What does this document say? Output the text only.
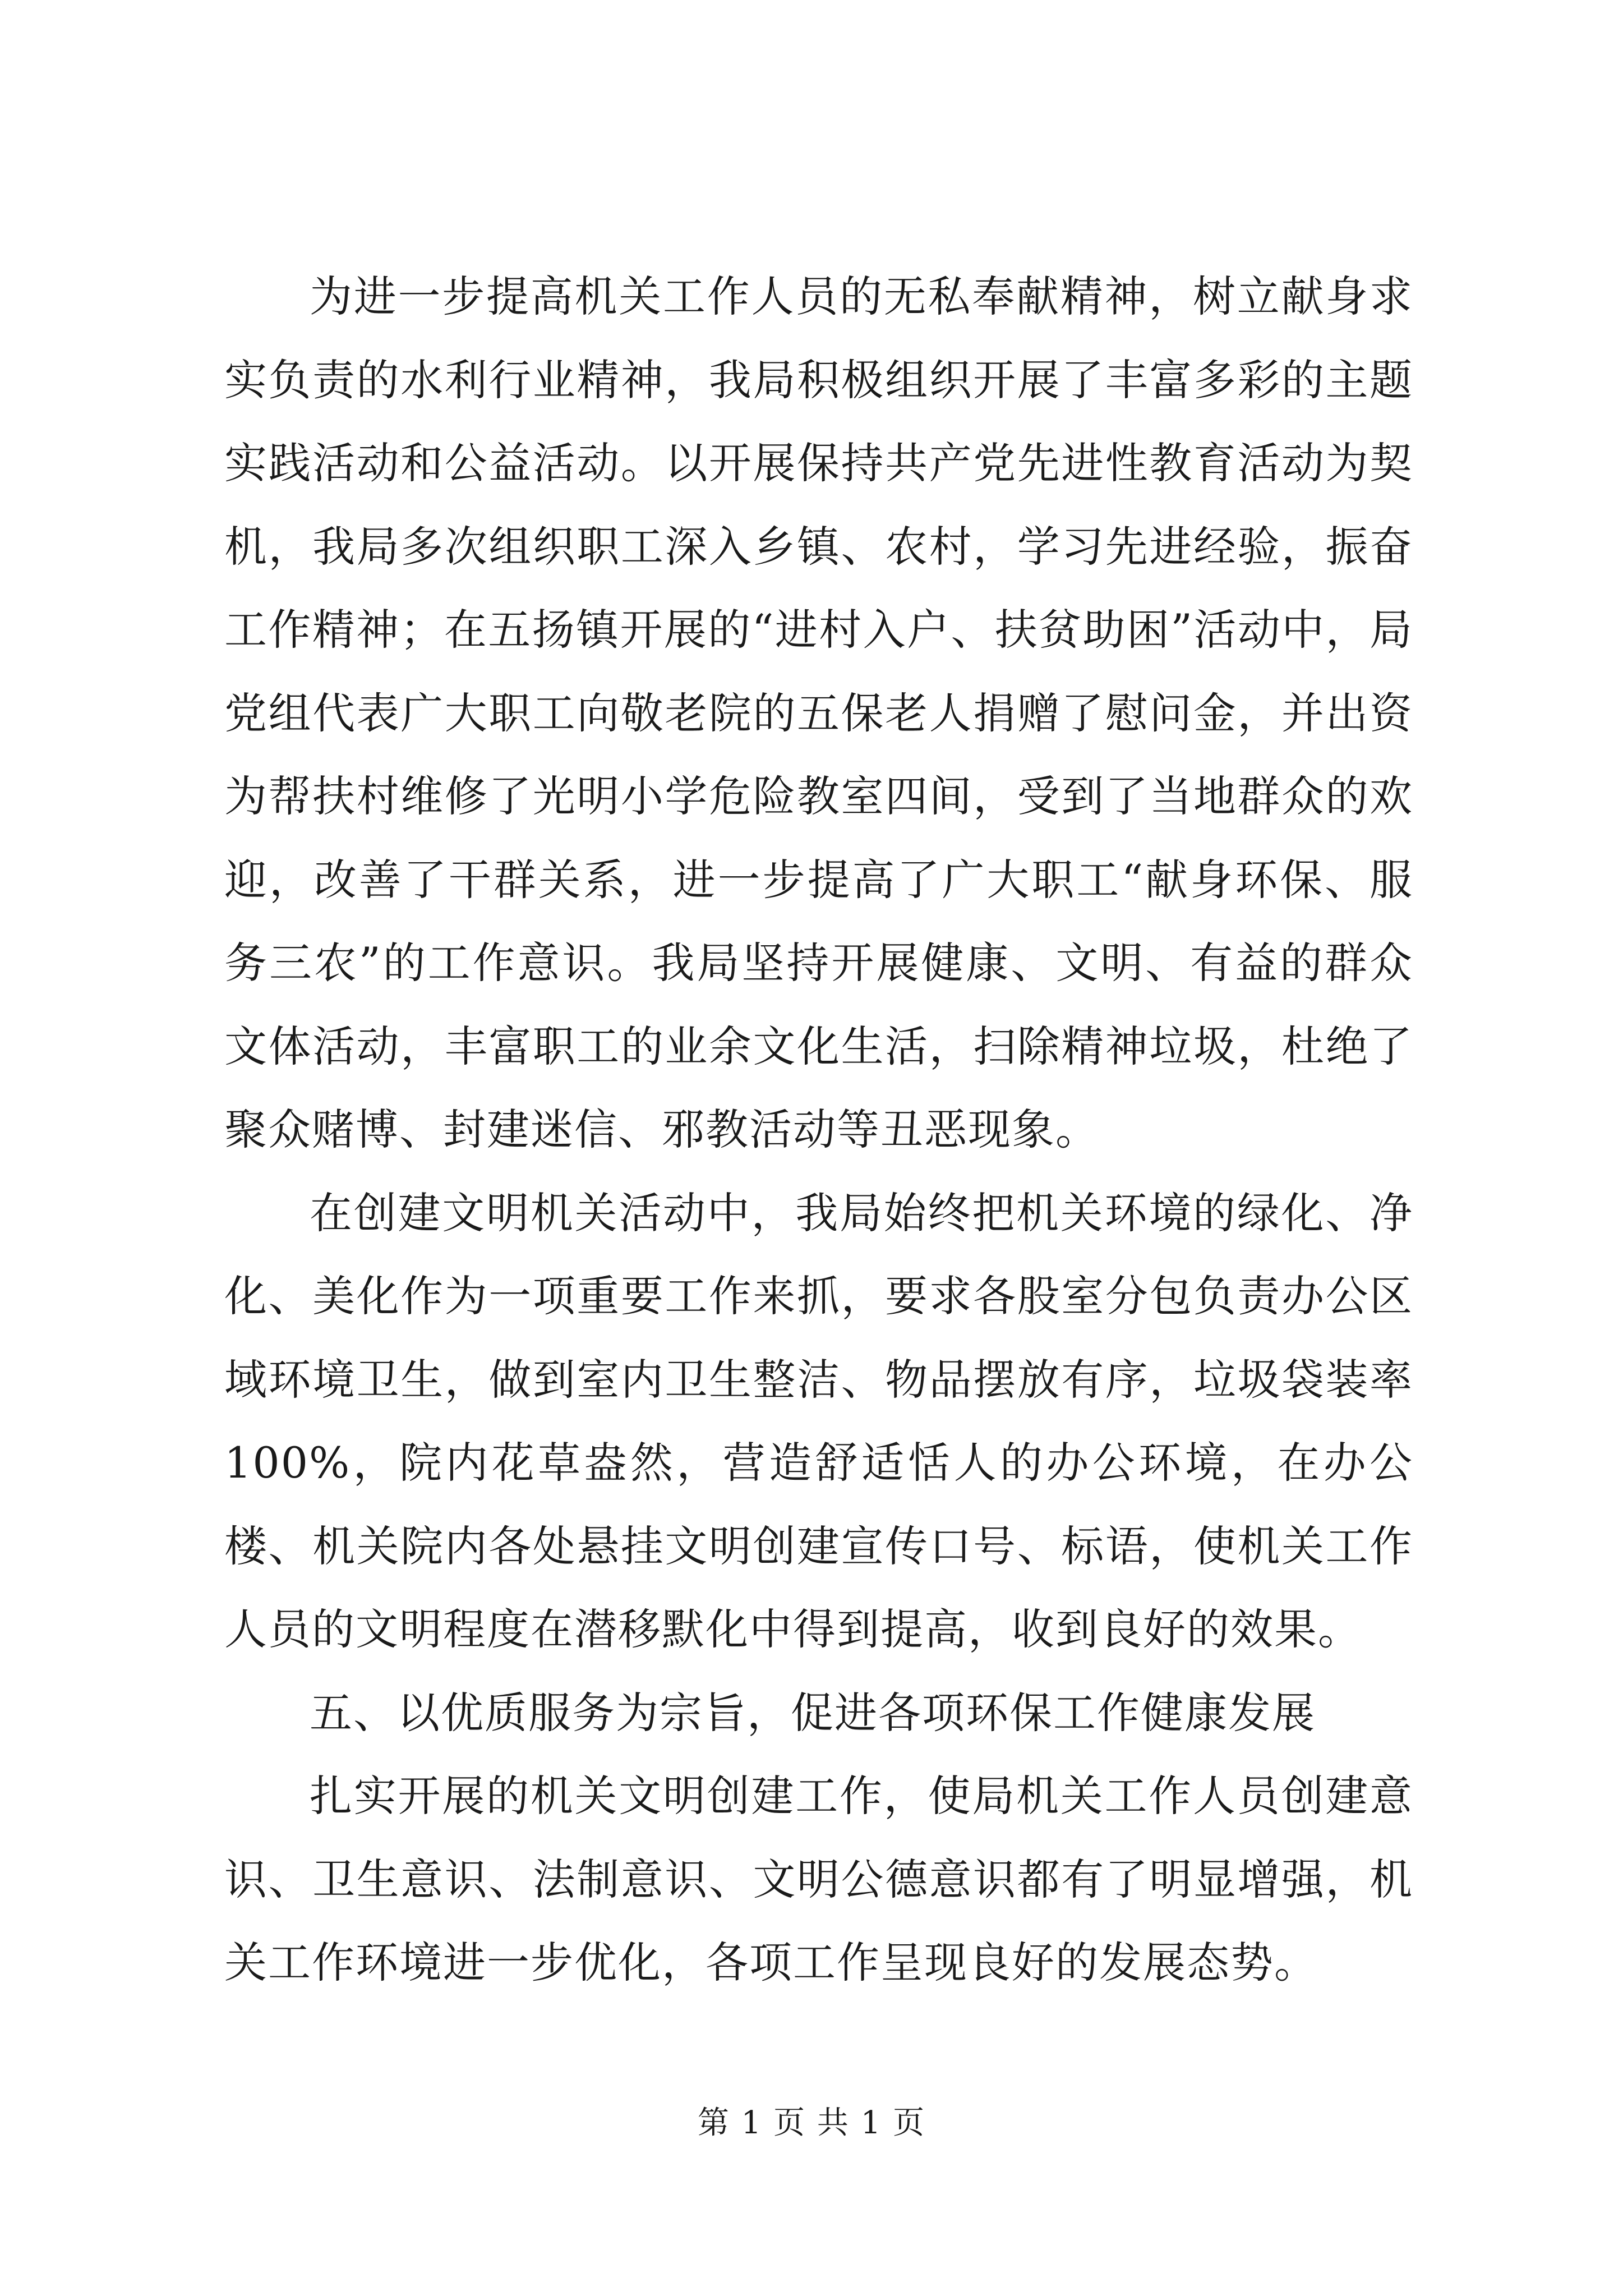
为进一步提高机关工作人员的无私奉献精神，树立献身求实负责的水利行业精神，我局积极组织开展了丰富多彩的主题实践活动和公益活动。以开展保持共产党先进性教育活动为契机，我局多次组织职工深入乡镇、农村，学习先进经验，振奋工作精神；在五扬镇开展的“进村入户、扶贫助困”活动中，局党组代表广大职工向敬老院的五保老人捐赠了慰问金，并出资为帮扶村维修了光明小学危险教室四间，受到了当地群众的欢迎，改善了干群关系，进一步提高了广大职工“献身环保、服务三农”的工作意识。我局坚持开展健康、文明、有益的群众文体活动，丰富职工的业余文化生活，扫除精神垃圾，杜绝了聚众赌博、封建迷信、邪教活动等丑恶现象。

在创建文明机关活动中，我局始终把机关环境的绿化、净化、美化作为一项重要工作来抓，要求各股室分包负责办公区域环境卫生，做到室内卫生整洁、物品摆放有序，垃圾袋装率100%，院内花草盎然，营造舒适恬人的办公环境，在办公楼、机关院内各处悬挂文明创建宣传口号、标语，使机关工作人员的文明程度在潜移默化中得到提高，收到良好的效果。

五、以优质服务为宗旨，促进各项环保工作健康发展

扎实开展的机关文明创建工作，使局机关工作人员创建意识、卫生意识、法制意识、文明公德意识都有了明显增强，机关工作环境进一步优化，各项工作呈现良好的发展态势。

第 1 页 共 1 页
